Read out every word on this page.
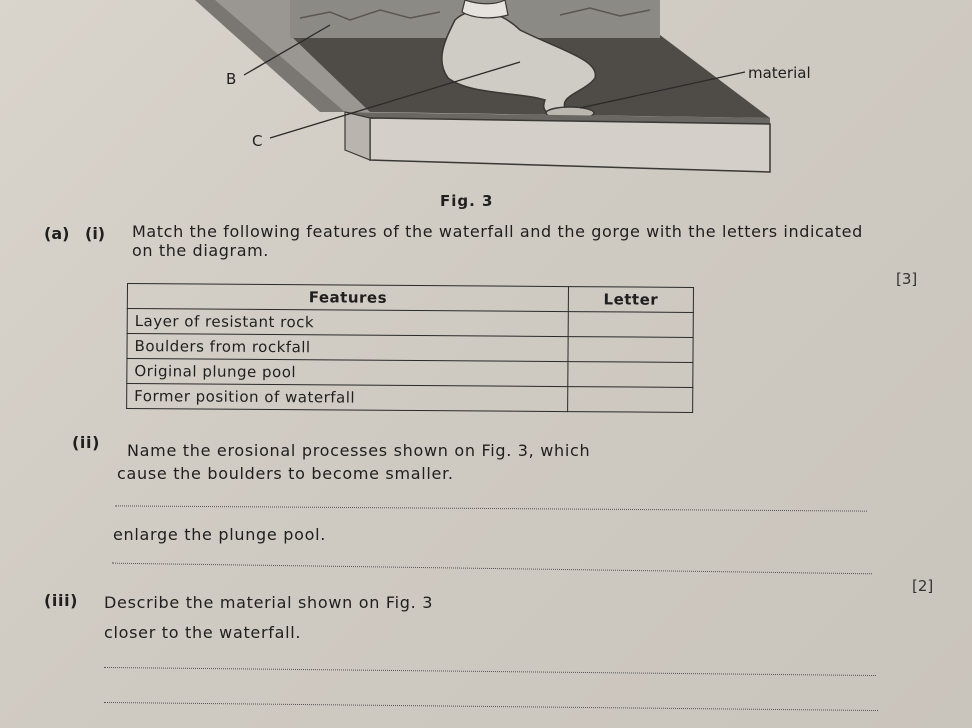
B
C
material
Fig. 3
(a) (i) Match the following features of the waterfall and the gorge with the letters indicated on the diagram.
[3]
Features	Letter
Layer of resistant rock	
Boulders from rockfall	
Original plunge pool	
Former position of waterfall	
(ii) Name the erosional processes shown on Fig. 3, which
cause the boulders to become smaller.
enlarge the plunge pool.
[2]
(iii) Describe the material shown on Fig. 3
closer to the waterfall.
